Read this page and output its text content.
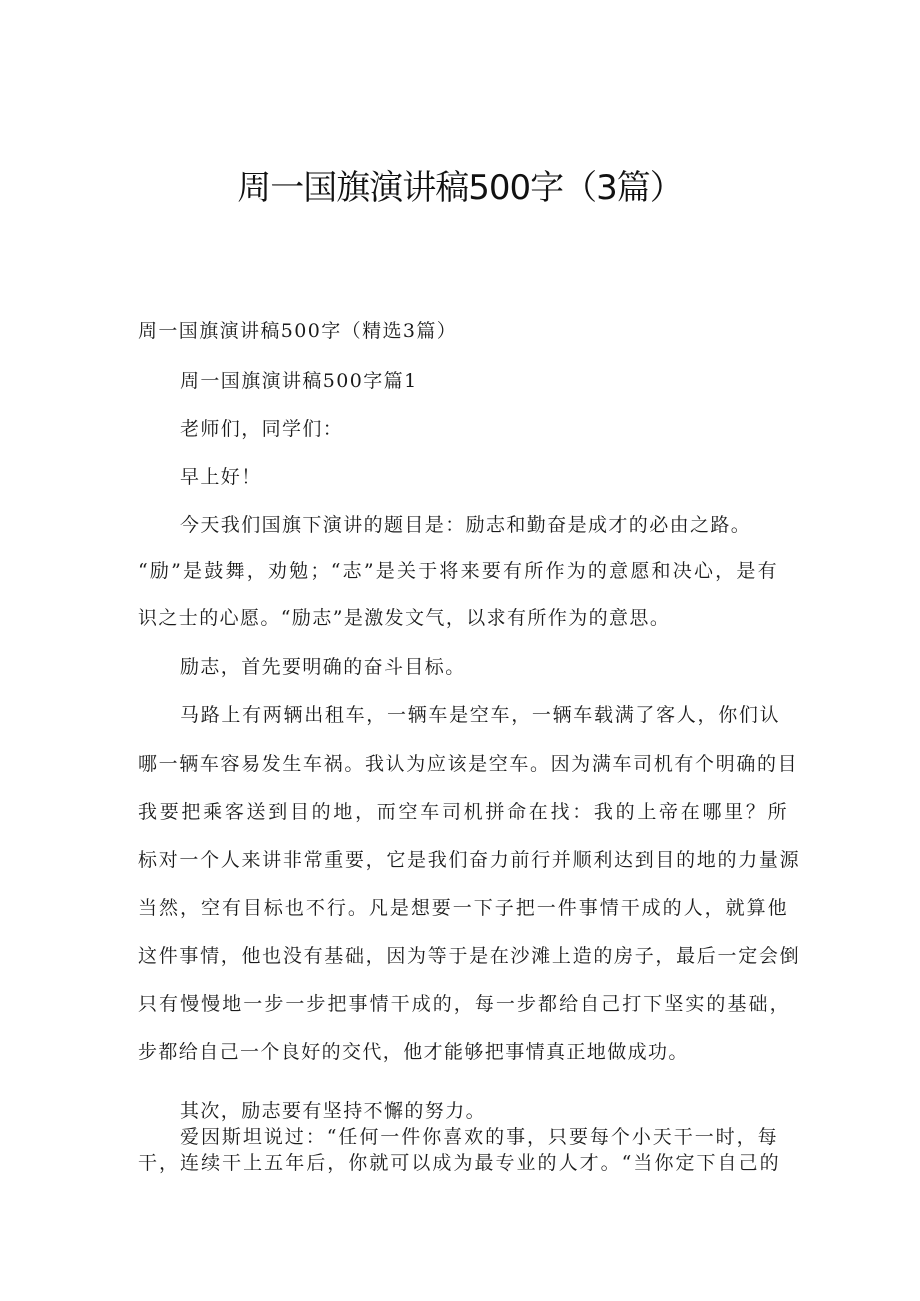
周一国旗演讲稿500字（3篇）
周一国旗演讲稿500字（精选3篇）
周一国旗演讲稿500字篇1
老师们，同学们：
早上好！
今天我们国旗下演讲的题目是：励志和勤奋是成才的必由之路。
“励”是鼓舞，劝勉；“志”是关于将来要有所作为的意愿和决心，是有
识之士的心愿。“励志”是激发文气，以求有所作为的意思。
励志，首先要明确的奋斗目标。
马路上有两辆出租车，一辆车是空车，一辆车载满了客人，你们认
哪一辆车容易发生车祸。我认为应该是空车。因为满车司机有个明确的目
我要把乘客送到目的地，而空车司机拼命在找：我的上帝在哪里？所
标对一个人来讲非常重要，它是我们奋力前行并顺利达到目的地的力量源
当然，空有目标也不行。凡是想要一下子把一件事情干成的人，就算他
这件事情，他也没有基础，因为等于是在沙滩上造的房子，最后一定会倒
只有慢慢地一步一步把事情干成的，每一步都给自己打下坚实的基础，
步都给自己一个良好的交代，他才能够把事情真正地做成功。
其次，励志要有坚持不懈的努力。
爱因斯坦说过：“任何一件你喜欢的事，只要每个小天干一时，每
干，连续干上五年后，你就可以成为最专业的人才。“当你定下自己的
